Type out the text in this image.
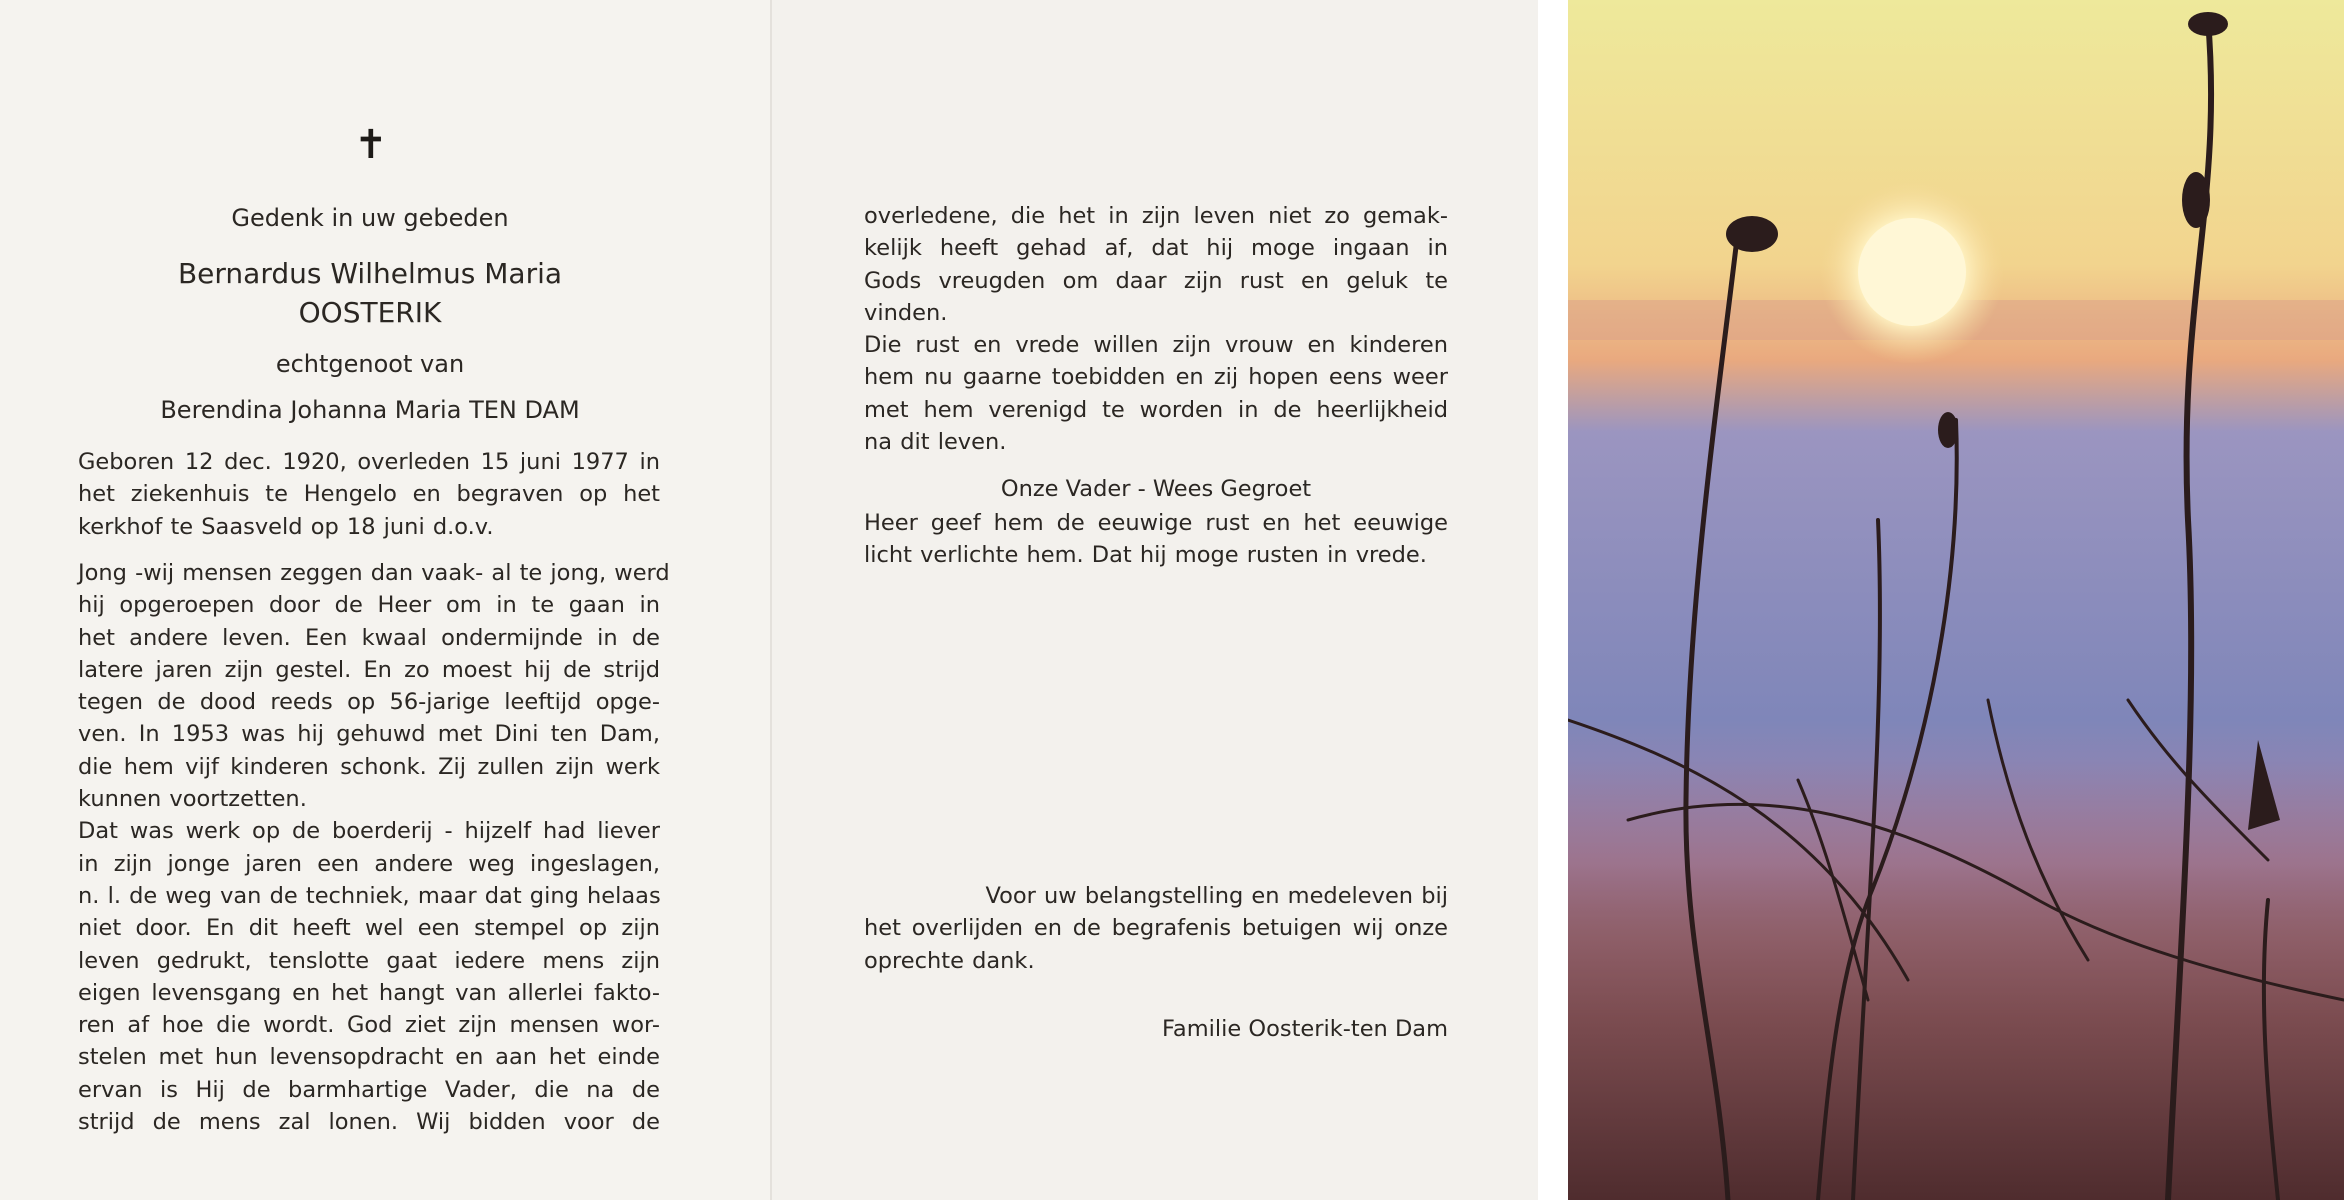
✝
Gedenk in uw gebeden
Bernardus Wilhelmus Maria
OOSTERIK
echtgenoot van
Berendina Johanna Maria TEN DAM
Geboren 12 dec. 1920, overleden 15 juni 1977 in
het ziekenhuis te Hengelo en begraven op het
kerkhof te Saasveld op 18 juni d.o.v.
Jong -wij mensen zeggen dan vaak- al te jong, werd
hij opgeroepen door de Heer om in te gaan in
het andere leven. Een kwaal ondermijnde in de
latere jaren zijn gestel. En zo moest hij de strijd
tegen de dood reeds op 56-jarige leeftijd opge-
ven. In 1953 was hij gehuwd met Dini ten Dam,
die hem vijf kinderen schonk. Zij zullen zijn werk
kunnen voortzetten.
Dat was werk op de boerderij - hijzelf had liever
in zijn jonge jaren een andere weg ingeslagen,
n. l. de weg van de techniek, maar dat ging helaas
niet door. En dit heeft wel een stempel op zijn
leven gedrukt, tenslotte gaat iedere mens zijn
eigen levensgang en het hangt van allerlei fakto-
ren af hoe die wordt. God ziet zijn mensen wor-
stelen met hun levensopdracht en aan het einde
ervan is Hij de barmhartige Vader, die na de
strijd de mens zal lonen. Wij bidden voor de
overledene, die het in zijn leven niet zo gemak-
kelijk heeft gehad af, dat hij moge ingaan in
Gods vreugden om daar zijn rust en geluk te
vinden.
Die rust en vrede willen zijn vrouw en kinderen
hem nu gaarne toebidden en zij hopen eens weer
met hem verenigd te worden in de heerlijkheid
na dit leven.
Onze Vader - Wees Gegroet
Heer geef hem de eeuwige rust en het eeuwige
licht verlichte hem. Dat hij moge rusten in vrede.
Voor uw belangstelling en medeleven bij
het overlijden en de begrafenis betuigen wij onze
oprechte dank.
Familie Oosterik-ten Dam
